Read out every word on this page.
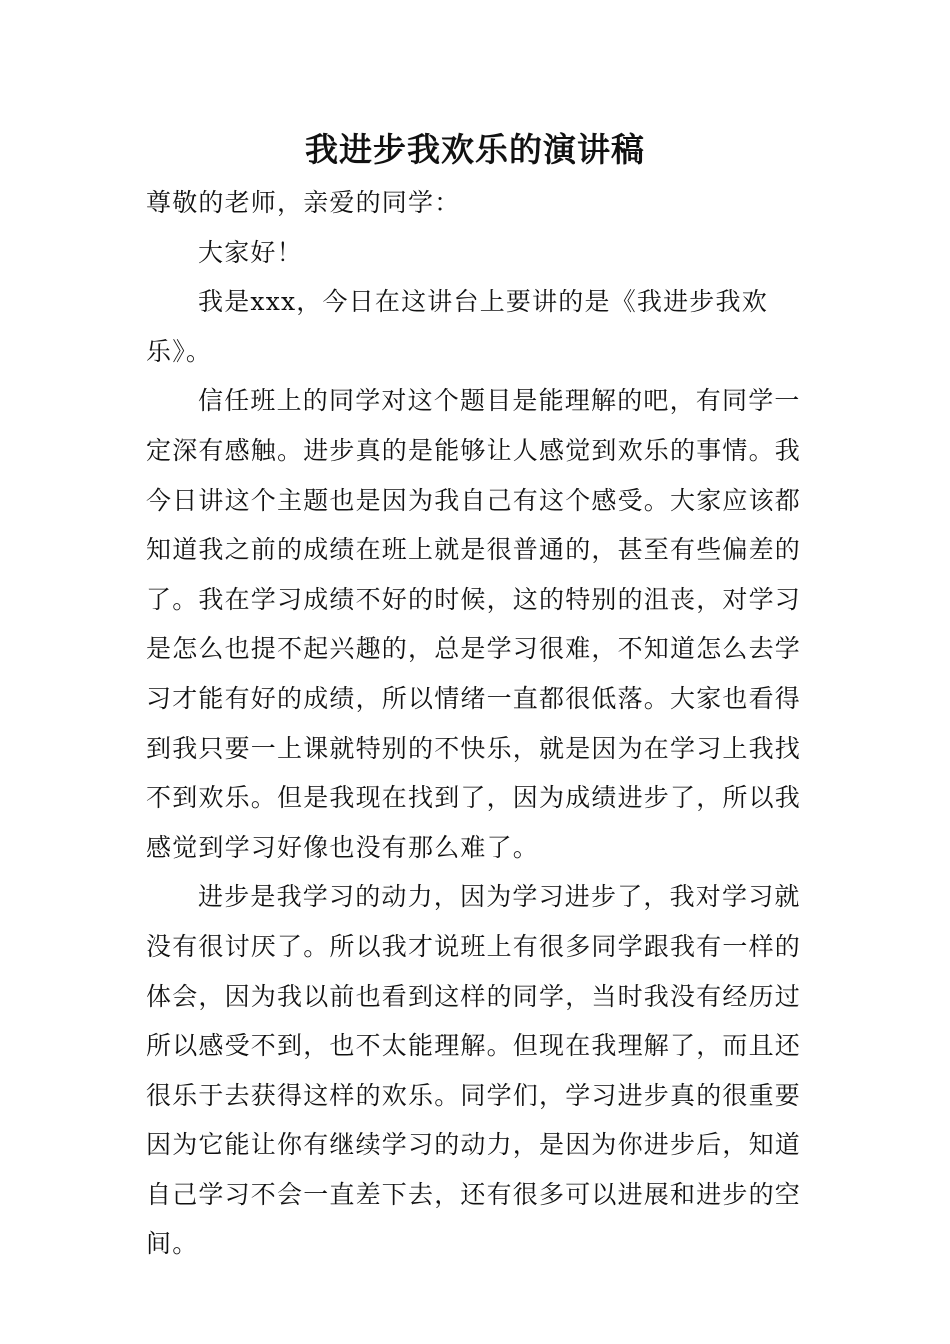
我进步我欢乐的演讲稿

尊敬的老师，亲爱的同学：

大家好！

我是xxx，今日在这讲台上要讲的是《我进步我欢乐》。

信任班上的同学对这个题目是能理解的吧，有同学一定深有感触。进步真的是能够让人感觉到欢乐的事情。我今日讲这个主题也是因为我自己有这个感受。大家应该都知道我之前的成绩在班上就是很普通的，甚至有些偏差的了。我在学习成绩不好的时候，这的特别的沮丧，对学习是怎么也提不起兴趣的，总是学习很难，不知道怎么去学习才能有好的成绩，所以情绪一直都很低落。大家也看得到我只要一上课就特别的不快乐，就是因为在学习上我找不到欢乐。但是我现在找到了，因为成绩进步了，所以我感觉到学习好像也没有那么难了。

进步是我学习的动力，因为学习进步了，我对学习就没有很讨厌了。所以我才说班上有很多同学跟我有一样的体会，因为我以前也看到这样的同学，当时我没有经历过所以感受不到，也不太能理解。但现在我理解了，而且还很乐于去获得这样的欢乐。同学们，学习进步真的很重要因为它能让你有继续学习的动力，是因为你进步后，知道自己学习不会一直差下去，还有很多可以进展和进步的空间。
